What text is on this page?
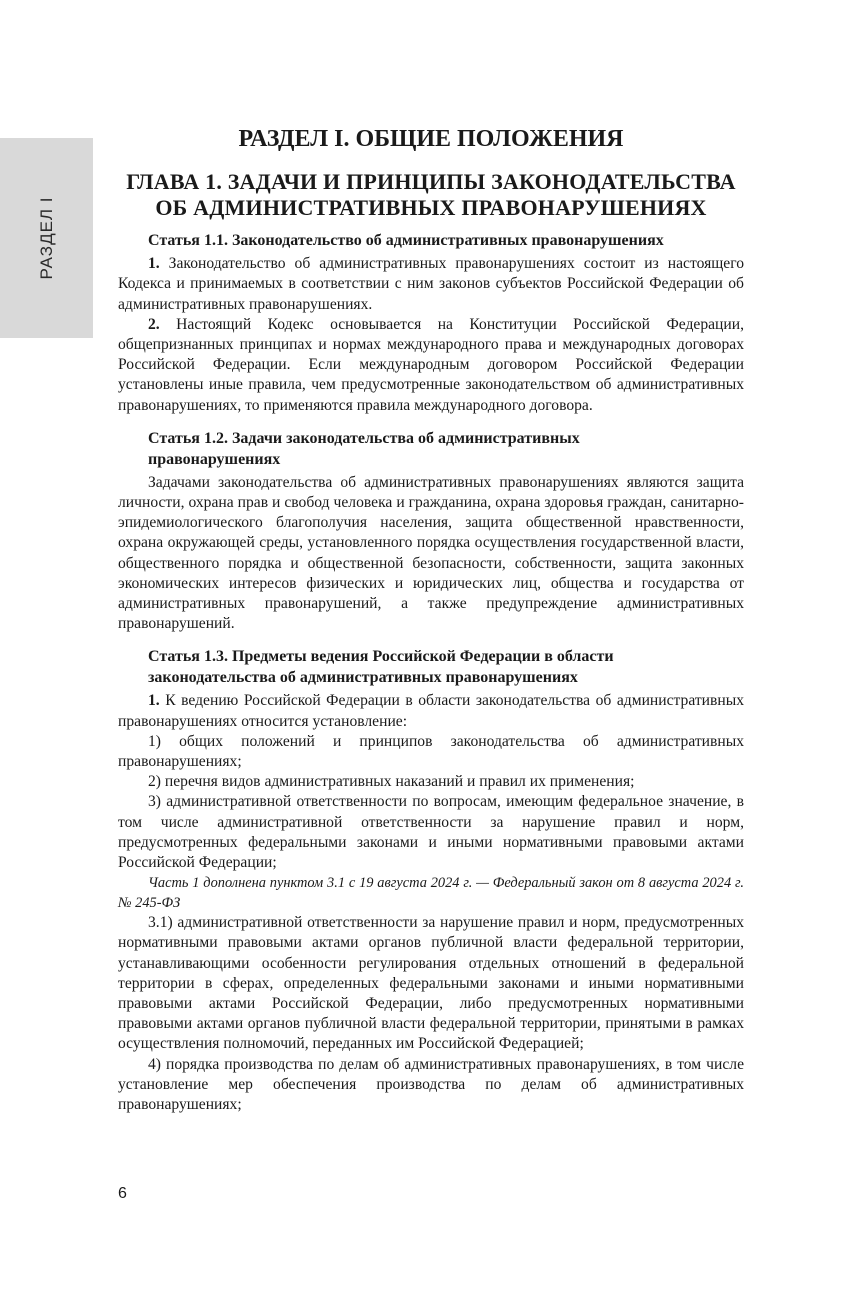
РАЗДЕЛ I
РАЗДЕЛ I. ОБЩИЕ ПОЛОЖЕНИЯ
ГЛАВА 1. ЗАДАЧИ И ПРИНЦИПЫ ЗАКОНОДАТЕЛЬСТВА
ОБ АДМИНИСТРАТИВНЫХ ПРАВОНАРУШЕНИЯХ
Статья 1.1. Законодательство об административных правонарушениях

1. Законодательство об административных правонарушениях состоит из настоящего Кодекса и принимаемых в соответствии с ним законов субъектов Российской Федерации об административных правонарушениях.

2. Настоящий Кодекс основывается на Конституции Российской Федерации, общепризнанных принципах и нормах международного права и международных договорах Российской Федерации. Если международным договором Российской Федерации установлены иные правила, чем предусмотренные законодательством об административных правонарушениях, то применяются правила международного договора.

Статья 1.2. Задачи законодательства об административных
правонарушениях

Задачами законодательства об административных правонарушениях являются защита личности, охрана прав и свобод человека и гражданина, охрана здоровья граждан, санитарно-эпидемиологического благополучия населения, защита общественной нравственности, охрана окружающей среды, установленного порядка осуществления государственной власти, общественного порядка и общественной безопасности, собственности, защита законных экономических интересов физических и юридических лиц, общества и государства от административных правонарушений, а также предупреждение административных правонарушений.

Статья 1.3. Предметы ведения Российской Федерации в области
законодательства об административных правонарушениях

1. К ведению Российской Федерации в области законодательства об административных правонарушениях относится установление:

1) общих положений и принципов законодательства об административных правонарушениях;

2) перечня видов административных наказаний и правил их применения;

3) административной ответственности по вопросам, имеющим федеральное значение, в том числе административной ответственности за нарушение правил и норм, предусмотренных федеральными законами и иными нормативными правовыми актами Российской Федерации;

Часть 1 дополнена пунктом 3.1 с 19 августа 2024 г. — Федеральный закон от 8 августа 2024 г. № 245-ФЗ

3.1) административной ответственности за нарушение правил и норм, предусмотренных нормативными правовыми актами органов публичной власти федеральной территории, устанавливающими особенности регулирования отдельных отношений в федеральной территории в сферах, определенных федеральными законами и иными нормативными правовыми актами Российской Федерации, либо предусмотренных нормативными правовыми актами органов публичной власти федеральной территории, принятыми в рамках осуществления полномочий, переданных им Российской Федерацией;

4) порядка производства по делам об административных правонарушениях, в том числе установление мер обеспечения производства по делам об административных правонарушениях;

6
